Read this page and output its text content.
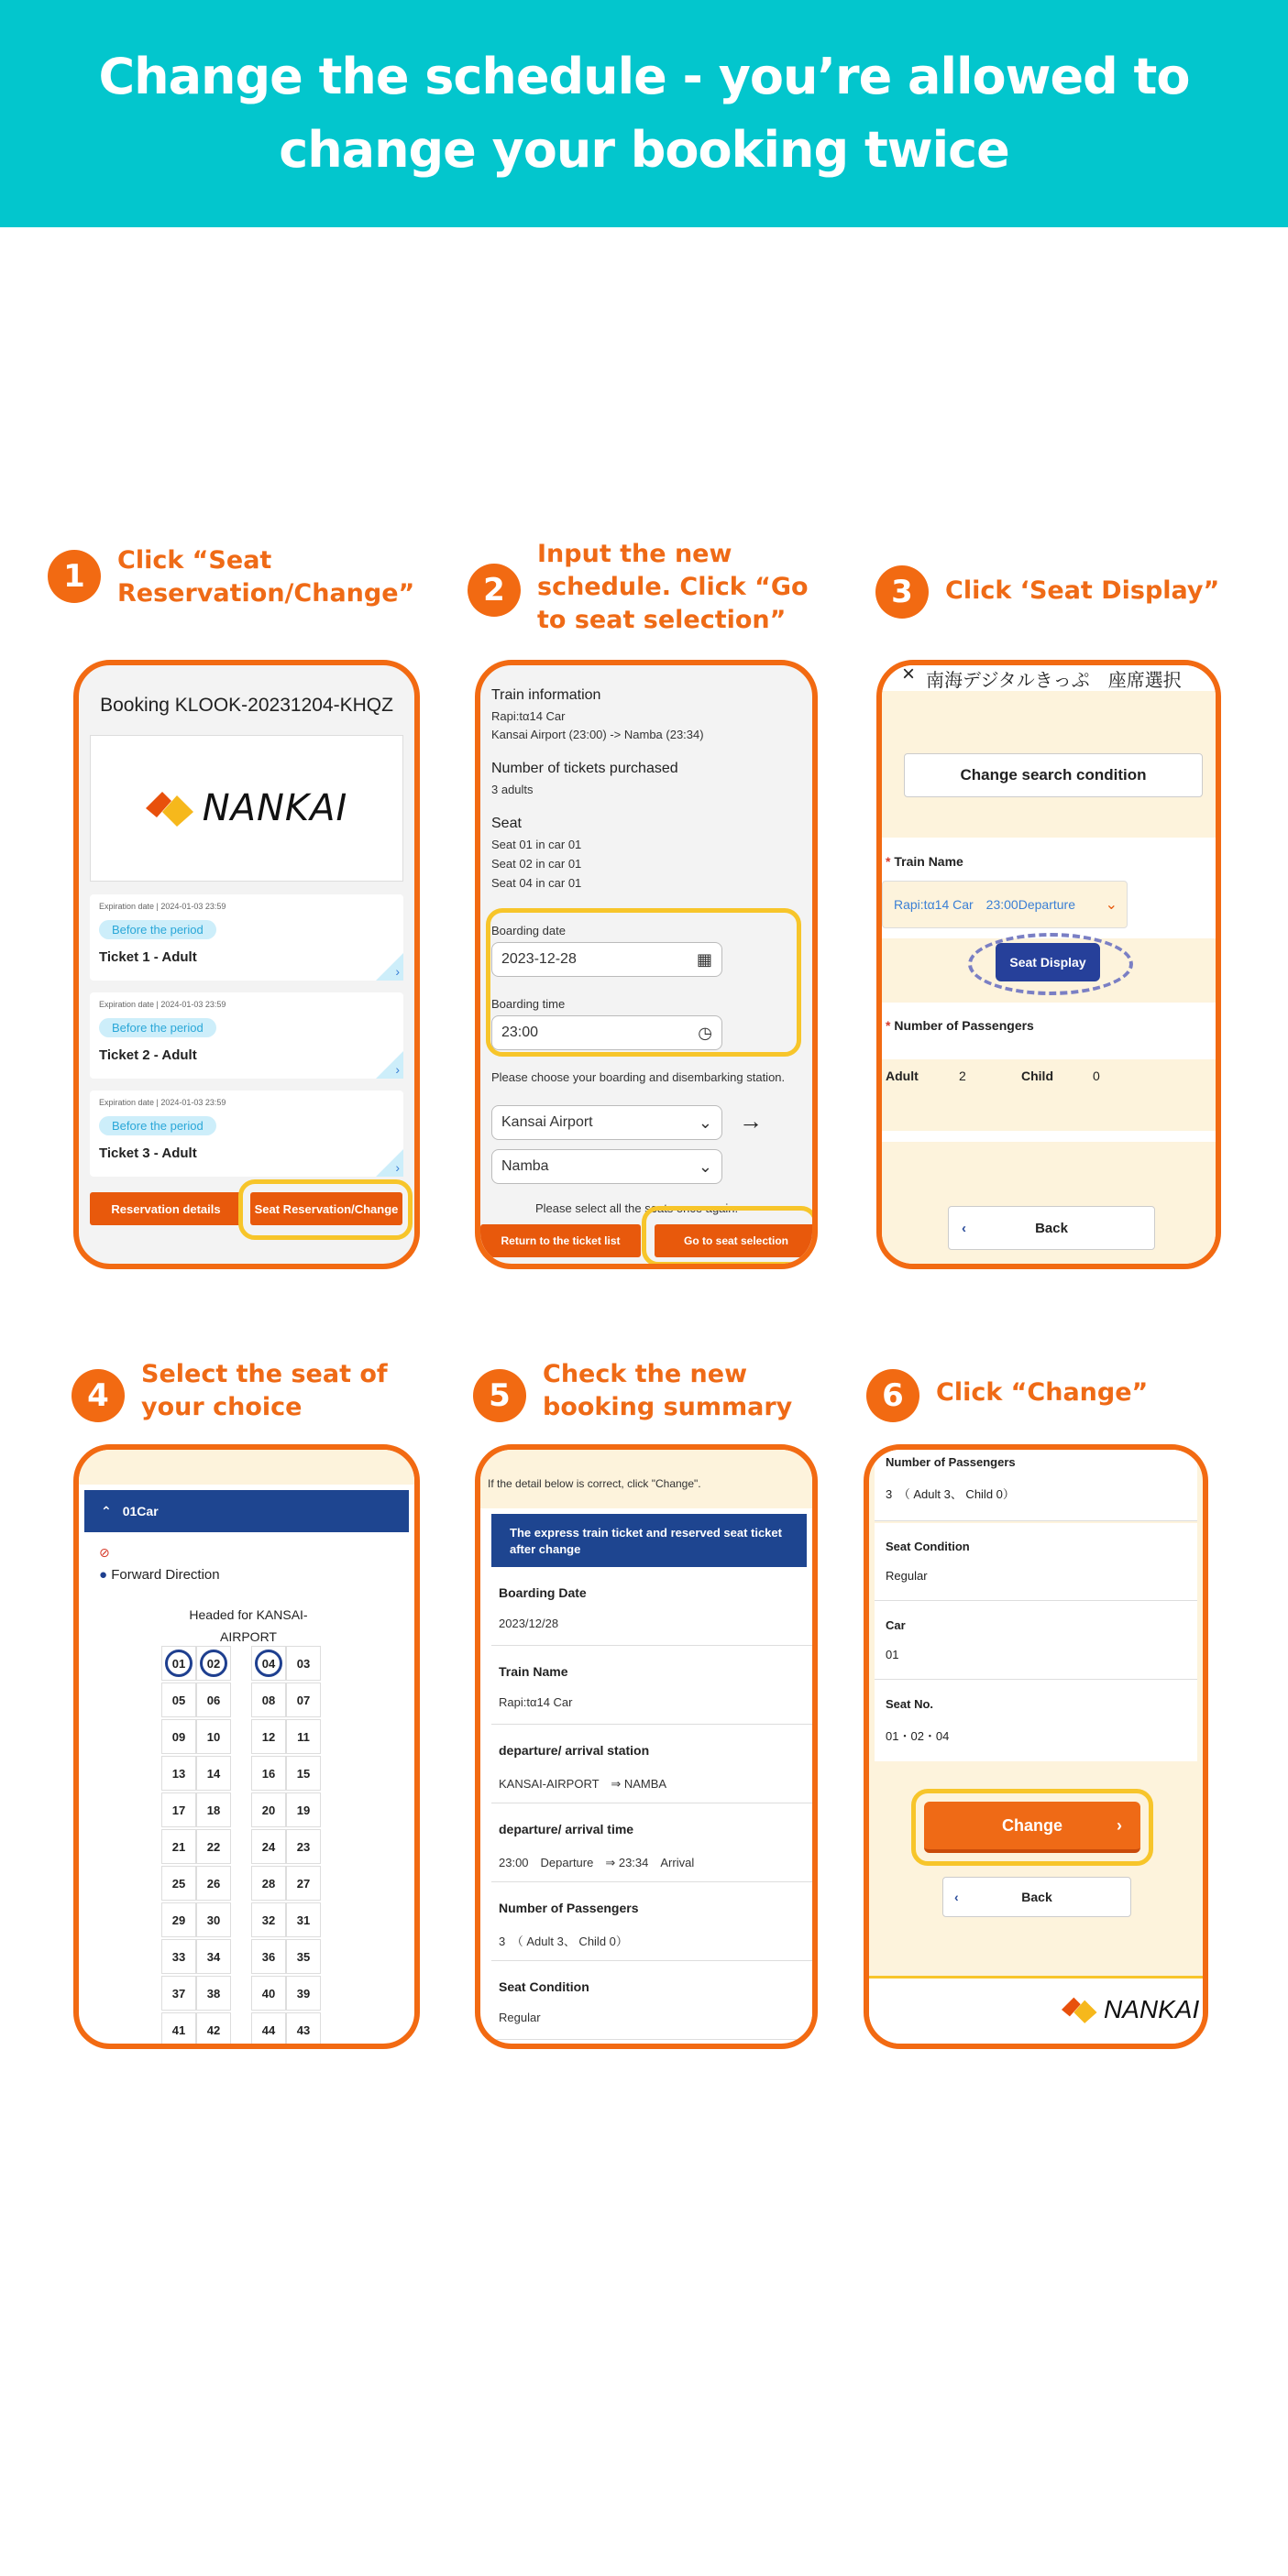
Change the schedule - you’re allowed to change your booking twice
1	Click “Seat Reservation/Change”	2
Input the new schedule. Click “Go to seat selection”
3	Click ‘Seat Display”
4
Select the seat of your choice	5
Check the new booking summary	6	Click “Change”
Booking KLOOK-20231204-KHQZ
NANKAI
Expiration date | 2024-01-03 23:59
Before the period
Ticket 1 - Adult
›
Expiration date | 2024-01-03 23:59
Before the period
Ticket 2 - Adult
›
Expiration date | 2024-01-03 23:59
Before the period
Ticket 3 - Adult
›
Reservation details	Seat Reservation/Change
Train information
Rapi:tα14 Car
Kansai Airport (23:00) -> Namba (23:34)
Number of tickets purchased
3 adults
Seat
Seat 01 in car 01
Seat 02 in car 01
Seat 04 in car 01
Boarding date
2023-12-28	▦
Boarding time
23:00	◷
Please choose your boarding and disembarking station.
Kansai Airport	⌄ →
Namba	⌄
Please select all the seats once again.
Return to the ticket list	Go to seat selection
× 南海デジタルきっぷ　座席選択
Change search condition
* Train Name
Rapi:tα14 Car　23:00Departure ⌄
Seat Display
* Number of Passengers
Adult	2	Child	0
‹	Back
⌃ 01Car
⊘
● Forward Direction
Headed for KANSAI-AIRPORT
01	02	04	03
05 06	08 07
09 10	12 11
13 14	16 15
17 18	20 19
21 22	24 23
25 26	28 27
29 30	32 31
33 34	36 35
37 38	40 39
41 42	44 43
If the detail below is correct, click "Change".
The express train ticket and reserved seat ticket after change
Boarding Date
2023/12/28
Train Name
Rapi:tα14 Car
departure/ arrival station
KANSAI-AIRPORT　⇒ NAMBA
departure/ arrival time
23:00　Departure　⇒ 23:34　Arrival
Number of Passengers
3　（ Adult 3、 Child 0）
Seat Condition
Regular
Number of Passengers
3　（ Adult 3、 Child 0）
Seat Condition
Regular
Car
01
Seat No.
01・02・04
Change	›
‹	Back
NANKAI
